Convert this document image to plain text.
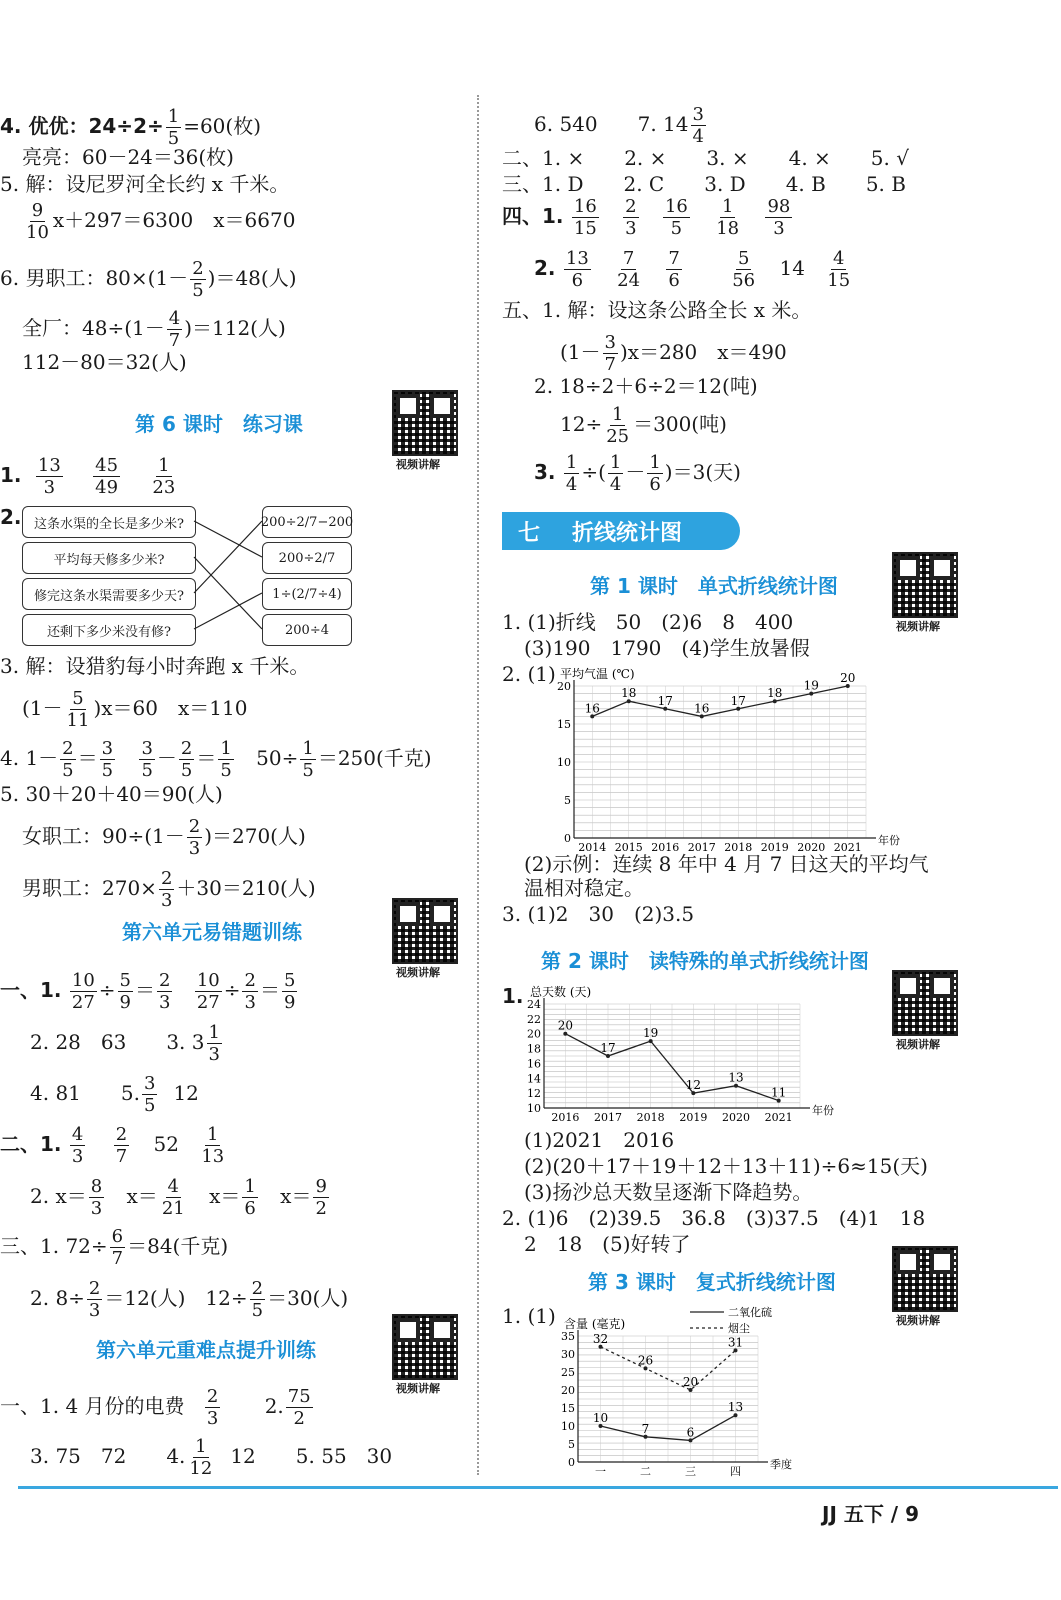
4. 优优：$24\div 2\div \frac{1}{5} =60$(枚)
亮亮：60－24＝36(枚)
5. 解：设尼罗河全长约 x 千米。
$\frac{9}{10} x+297=6300$　x＝6670
6. 男职工：$80\times(1- \frac{2}{5} )=48$(人)
全厂：$48\div(1- \frac{4}{7} )=112$(人)
112－80＝32(人)
第 6 课时　练习课
视频讲解
1. $\frac{13}{3}$
$\frac{45}{49}$
$\frac{1}{23}$
2. 这条水渠的全长是多少米?
平均每天修多少米?
修完这条水渠需要多少天?
还剩下多少米没有修?
200÷2/7−200
200÷2/7
1÷(2/7÷4)
200÷4
3. 解：设猎豹每小时奔跑 x 千米。
$(1- \frac{5}{11} )x=60$　x＝110
4. $1- \frac{2}{5} = \frac{3}{5}$
$\frac{3}{5} - \frac{2}{5} = \frac{1}{5} 50\div \frac{1}{5} =250$(千克)
5. 30＋20＋40＝90(人)
女职工：$90\div(1- \frac{2}{3} )=270$(人)
男职工：$270\times \frac{2}{3} +30=210$(人)
第六单元易错题训练
视频讲解
一、1. $\frac{10}{27} \div \frac{5}{9} = \frac{2}{3}$
$\frac{10}{27} \div \frac{2}{3} = \frac{5}{9}$
2. 28　63　　3. $3 \frac{1}{3}$
4. 81　　5. $\frac{3}{5} 12$
二、1. $\frac{4}{3}$
$\frac{2}{7} 52 \frac{1}{13}$
2. $x= \frac{8}{3} x= \frac{4}{21} x= \frac{1}{6} x= \frac{9}{2}$
三、1. $72\div \frac{6}{7} =84$(千克)
2. $8\div \frac{2}{3} =12$(人)　$12\div \frac{2}{5} =30$(人)
第六单元重难点提升训练
视频讲解
一、1. 4 月份的电费 $\frac{2}{3} 2$. $\frac{75}{2}$
3. 75　72　　4. $\frac{1}{12} 12$　　5. 55　30
6. 540　　7. $14 \frac{3}{4}$
二、1. ×　　2. ×　　3. ×　　4. ×　　5. √
三、1. D　　2. C　　3. D　　4. B　　5. B
四、1. $\frac{16}{15}$
$\frac{2}{3}$
$\frac{16}{5}$
$\frac{1}{18}$
$\frac{98}{3}$
2. $\frac{13}{6}$
$\frac{7}{24}$
$\frac{7}{6}$
	$\frac{5}{56} 14 \frac{4}{15}$
五、1. 解：设这条公路全长 x 米。
$(1- \frac{3}{7} )x=280$　x＝490
2. 18÷2＋6÷2＝12(吨)
$12\div \frac{1}{25} =300$(吨)
3. $\frac{1}{4}$ ÷( $\frac{1}{4} - \frac{1}{6} )=3$(天)
七 折线统计图
第 1 课时　单式折线统计图
视频讲解
1. (1)折线　50　(2)6　8　400
(3)190　1790　(4)学生放暑假
2. (1)
0
5
10
15
20
2014 2015 2016 2017 2018 2019 2020 2021
平均气温 (℃)
年份
16
18
17
16
17
18
19
20
(2)示例：连续 8 年中 4 月 7 日这天的平均气
温相对稳定。
3. (1)2　30　(2)3.5
第 2 课时　读特殊的单式折线统计图
视频讲解
1.
10
12
14
16
18
20
22
24
2016 2017 2018 2019 2020 2021
总天数 (天)
年份
20
17
19
12
13
11
(1)2021　2016
(2)(20＋17＋19＋12＋13＋11)÷6≈15(天)
(3)扬沙总天数呈逐渐下降趋势。
2. (1)6　(2)39.5　36.8　(3)37.5　(4)1　18
2　18　(5)好转了
第 3 课时　复式折线统计图
视频讲解
1. (1)
0
5
10
15
20
25
30
35
一	二	三	四
含量 (毫克)
季度
10
7	6
13
32
26
20
31
二氧化硫
烟尘
JJ 五下 / 9
